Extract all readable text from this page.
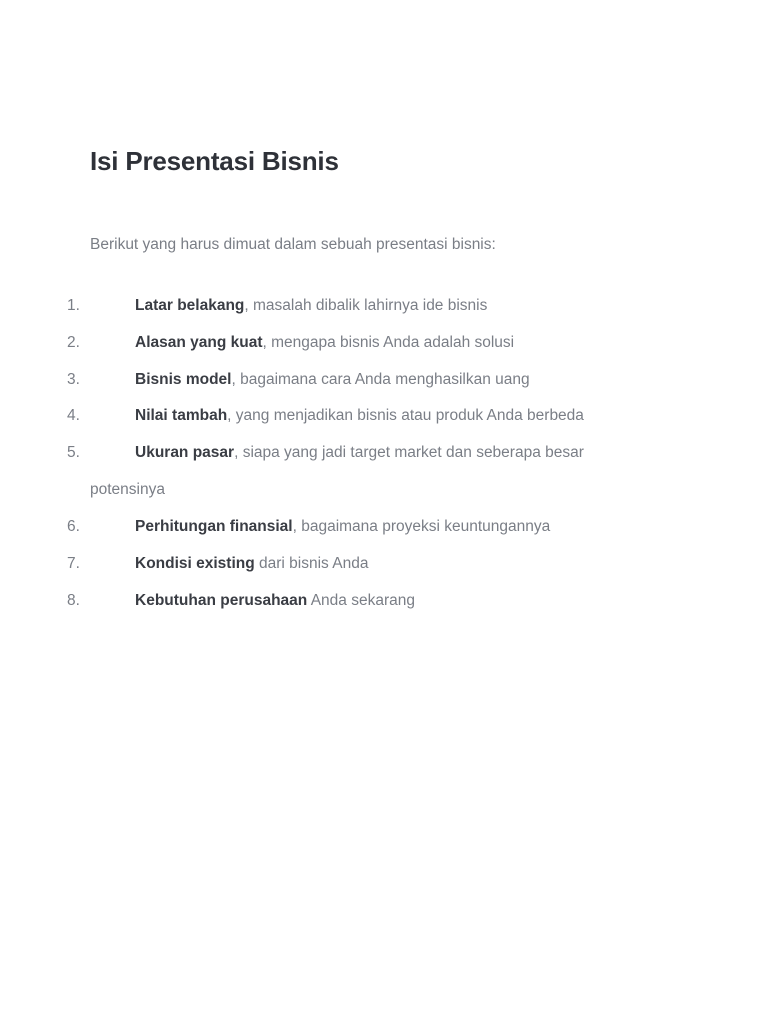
Isi Presentasi Bisnis

Berikut yang harus dimuat dalam sebuah presentasi bisnis:

1.	Latar belakang, masalah dibalik lahirnya ide bisnis
2.	Alasan yang kuat, mengapa bisnis Anda adalah solusi
3.	Bisnis model, bagaimana cara Anda menghasilkan uang
4.	Nilai tambah, yang menjadikan bisnis atau produk Anda berbeda
5.	Ukuran pasar, siapa yang jadi target market dan seberapa besar
potensinya
6.	Perhitungan finansial, bagaimana proyeksi keuntungannya
7.	Kondisi existing dari bisnis Anda
8.	Kebutuhan perusahaan Anda sekarang
